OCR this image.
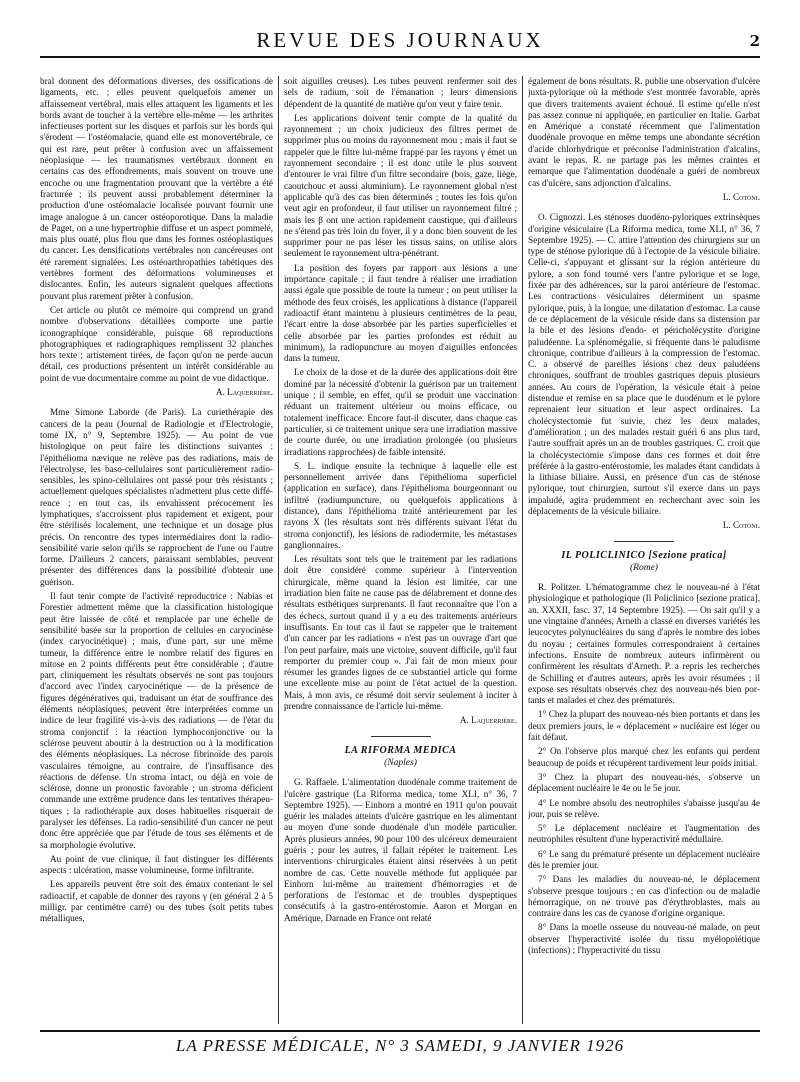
REVUE DES JOURNAUX	2

bral donnent des déformations diverses, des ossifications de ligaments, etc. ; elles peuvent quelquefois amener un affaissement vertébral, mais elles attaquent les ligaments et les bords avant de toucher à la vertèbre elle-même — les arthrites infectieuses portent sur les disques et parfois sur les bords qui s'érodent — l'ostéomalacie, quand elle est monovertébrale, ce qui est rare, peut prêter à confusion avec un affaissement néoplasique — les traumatismes vertébraux donnent en certains cas des effondrements, mais souvent on trouve une encoche ou une fragmentation prouvant que la vertèbre a été fracturée ; ils peuvent aussi probablement déterminer la production d'une ostéomalacie localisée pouvant fournir une image analogue à un cancer ostéoporotique. Dans la maladie de Paget, on a une hypertrophie diffuse et un aspect pommelé, mais plus ouaté, plus flou que dans les formes ostéoplastiques du cancer. Les densifications vertébrales non cancéreuses ont été rarement signalées. Les ostéoarthropathies tabétiques des vertèbres forment des déformations volumineuses et dislocantes. Enfin, les auteurs signalent quelques affections pouvant plus rarement prêter à confusion.

Cet article ou plutôt ce mémoire qui comprend un grand nombre d'observations détaillées comporte une partie iconographique considérable, puisque 68 reproductions photographiques et radiographiques remplissent 32 planches hors texte ; artistement tirées, de façon qu'on ne perde aucun détail, ces productions présentent un intérêt considérable au point de vue documentaire comme au point de vue didactique.

A. Laquerrière.

Mme Simone Laborde (de Paris). La curiethérapie des cancers de la peau (Journal de Radiologie et d'Electrologie, tome IX, n° 9, Septembre 1925). — Au point de vue histologique on peut faire les distinctions suivantes : l'épithélioma nævique ne relève pas des radiations, mais de l'électrolyse, les baso-cellulaires sont particulièrement radio-sensibles, les spino-cellulaires ont passé pour très résistants ; actuellement quelques spécialistes n'admettent plus cette différence ; en tout cas, ils envahissent précocement les lymphatiques, s'accroissent plus rapidement et exigent, pour être stérilisés localement, une technique et un dosage plus précis. On rencontre des types intermédiaires dont la radio-sensibilité varie selon qu'ils se rapprochent de l'une ou l'autre forme. D'ailleurs 2 cancers, paraissant semblables, peuvent présenter des différences dans la possibilité d'obtenir une guérison.

Il faut tenir compte de l'activité reproductrice : Nabias et Forestier admettent même que la classification histologique peut être laissée de côté et remplacée par une échelle de sensibilité basée sur la proportion de cellules en caryocinèse (index caryocinétique) ; mais, d'une part, sur une même tumeur, la différence entre le nombre relatif des figures en mitose en 2 points différents peut être considérable ; d'autre part, cliniquement les résultats observés ne sont pas toujours d'accord avec l'index caryocinétique — de la présence de figures dégénératives qui, traduisant un état de souffrance des éléments néoplasiques, peuvent être interprétées comme un indice de leur fragilité vis-à-vis des radiations — de l'état du stroma conjonctif : la réaction lymphoconjonctive ou la sclérose peuvent aboutir à la destruction ou à la modification des éléments néoplasiques. La nécrose fibrinoïde des parois vasculaires témoigne, au contraire, de l'insuffisance des réactions de défense. Un stroma intact, ou déjà en voie de sclérose, donne un pronostic favorable ; un stroma déficient commande une extrême prudence dans les tentatives thérapeutiques ; la radiothérapie aux doses habituelles risquerait de paralyser les défenses. La radio-sensibilité d'un cancer ne peut donc être appréciée que par l'étude de tous ses éléments et de sa morphologie évolutive.

Au point de vue clinique, il faut distinguer les différents aspects : ulcération, masse volumineuse, forme infiltrante.

Les appareils peuvent être soit des émaux contenant le sel radioactif, et capable de donner des rayons γ (en général 2 à 5 milligr. par centimètre carré) ou des tubes (soit petits tubes métalliques,

soit aiguilles creuses). Les tubes peuvent renfermer soit des sels de radium, soit de l'émanation ; leurs dimensions dépendent de la quantité de matière qu'on veut y faire tenir.

Les applications doivent tenir compte de la qualité du rayonnement ; un choix judicieux des filtres permet de supprimer plus ou moins du rayonnement mou ; mais il faut se rappeler que le filtre lui-même frappé par les rayons γ émet un rayonnement secondaire ; il est donc utile le plus souvent d'entourer le vrai filtre d'un filtre secondaire (bois, gaze, liège, caoutchouc et aussi aluminium). Le rayonnement global n'est applicable qu'à des cas bien déterminés ; toutes les fois qu'on veut agir en profondeur, il faut utiliser un rayonnement filtré ; mais les β ont une action rapidement caustique, qui d'ailleurs ne s'étend pas très loin du foyer, il y a donc bien souvent de les supprimer pour ne pas léser les tissus sains, on utilise alors seulement le rayonnement ultra-pénétrant.

La position des foyers par rapport aux lésions a une importance capitale ; il faut tendre à réaliser une irradiation aussi égale que possible de toute la tumeur ; on peut utiliser la méthode des feux croisés, les applications à distance (l'appareil radioactif étant maintenu à plusieurs centimètres de la peau, l'écart entre la dose absorbée par les parties superficielles et celle absorbée par les parties profondes est réduit au minimum), la radiopuncture au moyen d'aiguilles enfoncées dans la tumeur.

Le choix de la dose et de la durée des applications doit être dominé par la nécessité d'obtenir la guérison par un traitement unique ; il semble, en effet, qu'il se produit une vaccination réduant un traitement ultérieur ou moins efficace, ou totalement inefficace. Encore faut-il discuter, dans chaque cas particulier, si ce traitement unique sera une irradiation massive de courte durée, ou une irradiation prolongée (ou plusieurs irradiations rapprochées) de faible intensité.

S. L. indique ensuite la technique à laquelle elle est personnellement arrivée dans l'épithélioma superficiel (application en surface), dans l'épithélioma bourgeonnant ou infiltré (radiumpuncture, ou quelquefois applications à distance), dans l'épithélioma traité antérieurement par les rayons X (les résultats sont très différents suivant l'état du stroma conjonctif), les lésions de radiodermite, les métastases ganglionnaires.

Les résultats sont tels que le traitement par les radiations doit être considéré comme supérieur à l'intervention chirurgicale, même quand la lésion est limitée, car une irradiation bien faite ne cause pas de délabrement et donne des résultats esthétiques surprenants. Il faut reconnaître que l'on a des échecs, surtout quand il y a eu des traitements antérieurs insuffisants. En tout cas il faut se rappeler que le traitement d'un cancer par les radiations « n'est pas un ouvrage d'art que l'on peut parfaire, mais une victoire, souvent difficile, qu'il faut remporter du premier coup ». J'ai fait de mon mieux pour résumer les grandes lignes de ce substantiel article qui forme une excellente mise au point de l'état actuel de la question. Mais, à mon avis, ce résumé doit servir seulement à inciter à prendre connaissance de l'article lui-même.

A. Laquerrière.

LA RIFORMA MEDICA

(Naples)

G. Raffaele. L'alimentation duodénale comme traitement de l'ulcère gastrique (La Riforma medica, tome XLI, n° 36, 7 Septembre 1925). — Einhorn a montré en 1911 qu'on pouvait guérir les malades atteints d'ulcère gastrique en les alimentant au moyen d'une sonde duodénale d'un modèle particulier. Après plusieurs années, 90 pour 100 des ulcéreux demeuraient guéris ; pour les autres, il fallait répéter le traitement. Les interventions chirurgicales étaient ainsi réservées à un petit nombre de cas. Cette nouvelle méthode fut appliquée par Einhorn lui-même au traitement d'hémorragies et de perforations de l'estomac et de troubles dyspeptiques consécutifs à la gastro-entérostomie. Aaron et Morgan en Amérique, Darnade en France ont relaté

également de bons résultats. R. publie une observation d'ulcère juxta-pylorique où la méthode s'est montrée favorable, après que divers traitements avaient échoué. Il estime qu'elle n'est pas assez connue ni appliquée, en particulier en Italie. Garbat en Amérique a constaté récemment que l'alimentation duodénale provoque en même temps une abondante sécrétion d'acide chlorhydrique et préconise l'administration d'alcalins, avant le repas. R. ne partage pas les mêmes craintes et remarque que l'alimentation duodénale a guéri de nombreux cas d'ulcère, sans adjonction d'alcalins.

L. Cotoni.

O. Cignozzi. Les sténoses duodéno-pyloriques extrinsèques d'origine vésiculaire (La Riforma medica, tome XLI, n° 36, 7 Septembre 1925). — C. attire l'attention des chirurgiens sur un type de sténose pylorique dû à l'ectopie de la vésicule biliaire. Celle-ci, s'appuyant et glissant sur la région antérieure du pylore, a son fond tourné vers l'antre pylorique et se loge, fixée par des adhérences, sur la paroi antérieure de l'estomac. Les contractions vésiculaires déterminent un spasme pylorique, puis, à la longue, une dilatation d'estomac. La cause de ce déplacement de la vésicule réside dans sa distension par la bile et des lésions d'endo- et péricholécystite d'origine paludéenne. La splénomégalie, si fréquente dans le paludisme chronique, contribue d'ailleurs à la compression de l'estomac. C. a observé de pareilles lésions chez deux paludéens chroniques, souffrant de troubles gastriques depuis plusieurs années. Au cours de l'opération, la vésicule était à peine distendue et remise en sa place que le duodénum et le pylore reprenaient leur situation et leur aspect ordinaires. La cholécystectomie fut suivie, chez les deux malades, d'amélioration ; un des malades restait guéri 6 ans plus tard, l'autre souffrait après un an de troubles gastriques. C. croit que la cholécystectomie s'impose dans ces formes et doit être préférée à la gastro-entérostomie, les malades étant candidats à la lithiase biliaire. Aussi, en présence d'un cas de sténose pylorique, tout chirurgien, surtout s'il exerce dans un pays impaludé, agira prudemment en recherchant avec soin les déplacements de la vésicule biliaire.

L. Cotoni.

IL POLICLINICO [Sezione pratica]

(Rome)

R. Politzer. L'hématogramme chez le nouveau-né à l'état physiologique et pathologique (Il Policlinico [sezione pratica], an. XXXII, fasc. 37, 14 Septembre 1925). — On sait qu'il y a une vingtaine d'années, Arneth a classé en diverses variétés les leucocytes polynucléaires du sang d'après le nombre des lobes du noyau ; certaines formules correspondraient à certaines infections. Ensuite de nombreux auteurs infirmèrent ou confirmèrent les résultats d'Arneth. P. a repris les recherches de Schilling et d'autres auteurs, après les avoir résumées ; il expose ses résultats observés chez des nouveau-nés bien portants et malades et chez des prématurés.

1° Chez la plupart des nouveau-nés bien portants et dans les deux premiers jours, le « déplacement » nucléaire est léger ou fait défaut.

2° On l'observe plus marqué chez les enfants qui perdent beaucoup de poids et récupèrent tardivement leur poids initial.

3° Chez la plupart des nouveau-nés, s'observe un déplacement nucléaire le 4e ou le 5e jour.

4° Le nombre absolu des neutrophiles s'abaisse jusqu'au 4e jour, puis se relève.

5° Le déplacement nucléaire et l'augmentation des neutrophiles résultent d'une hyperactivité médullaire.

6° Le sang du prématuré présente un déplacement nucléaire dès le premier jour.

7° Dans les maladies du nouveau-né, le déplacement s'observe presque toujours ; en cas d'infection ou de maladie hémorragique, on ne trouve pas d'érythroblastes, mais au contraire dans les cas de cyanose d'origine organique.

8° Dans la moelle osseuse du nouveau-né malade, on peut observer l'hyperactivité isolée du tissu myélopoïétique (infections) ; l'hyperactivité du tissu

LA PRESSE MÉDICALE, N° 3 SAMEDI, 9 JANVIER 1926
